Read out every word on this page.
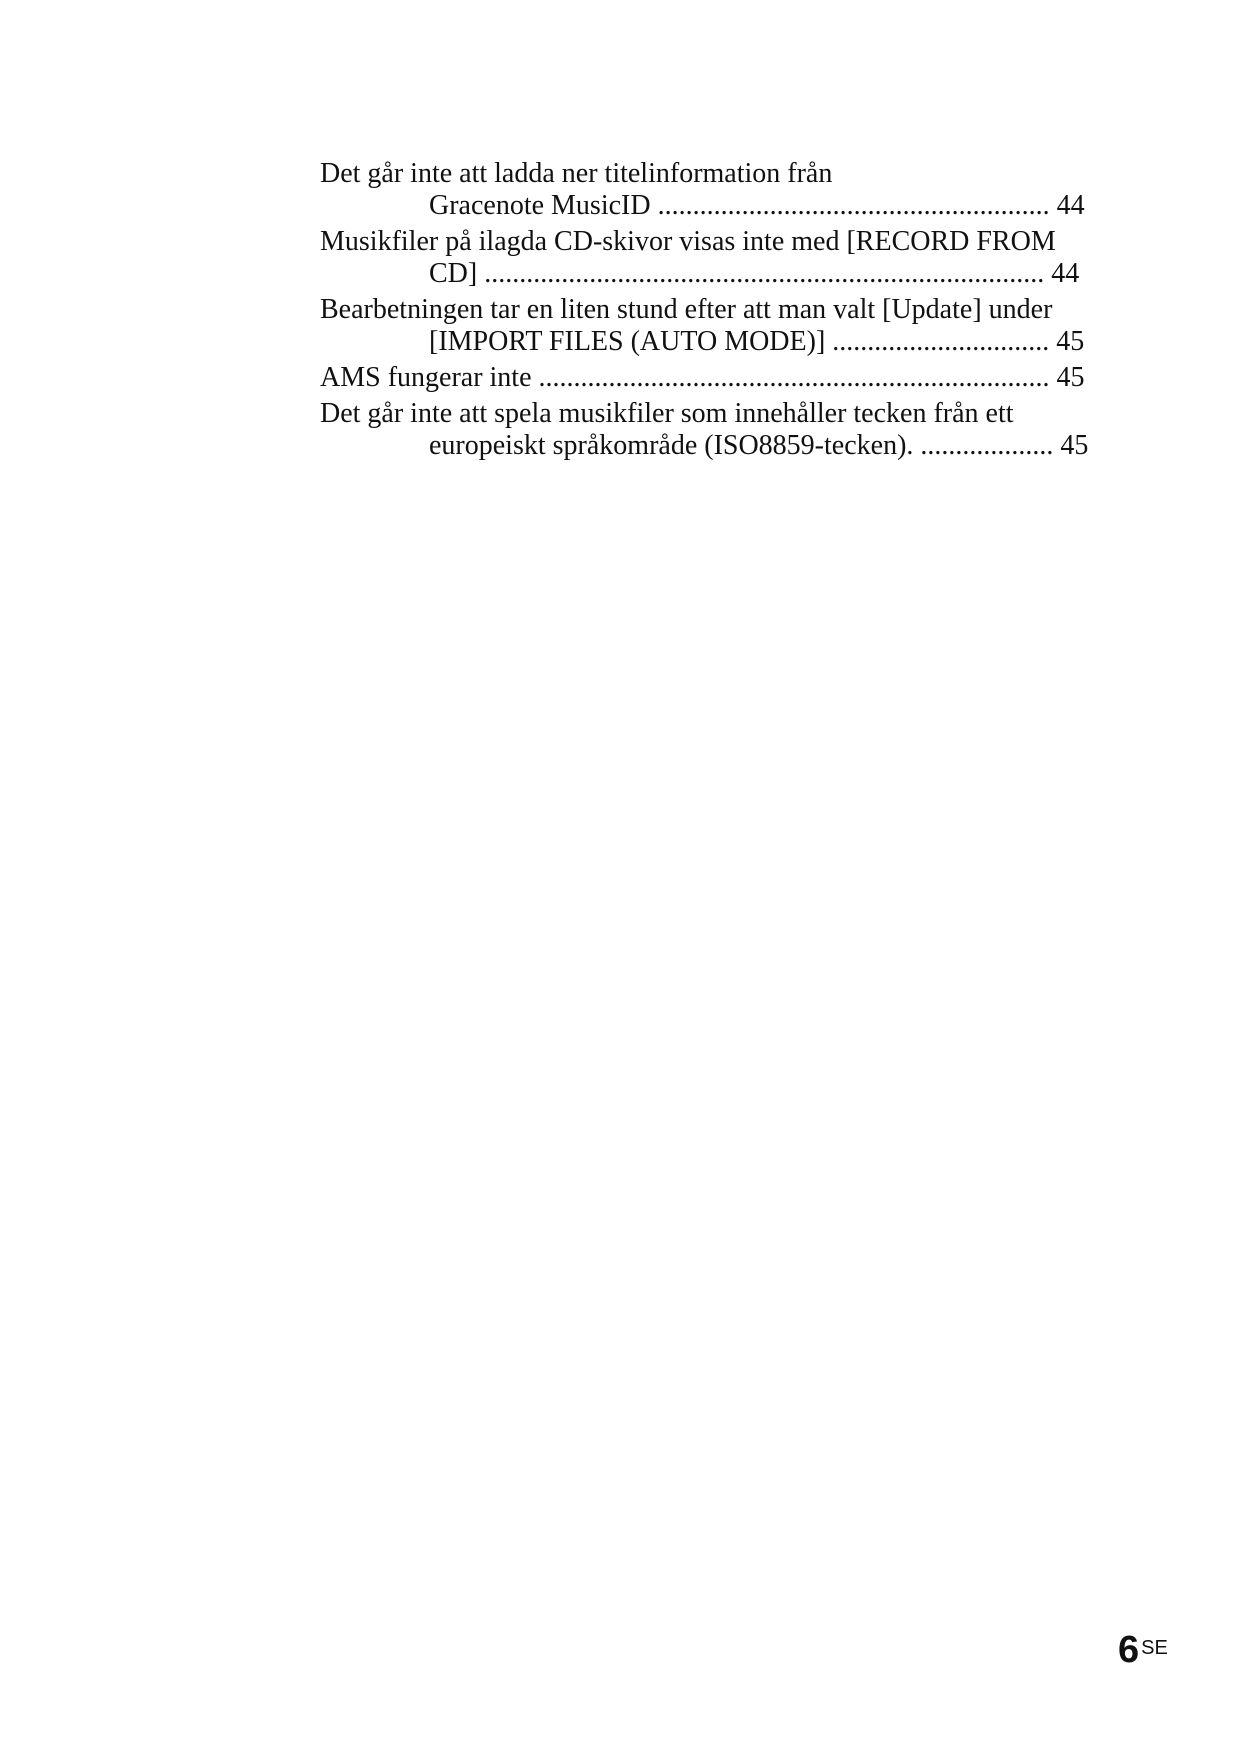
Det går inte att ladda ner titelinformation från
Gracenote MusicID ........................................................ 44
Musikfiler på ilagda CD-skivor visas inte med [RECORD FROM
CD] ................................................................................ 44
Bearbetningen tar en liten stund efter att man valt [Update] under
[IMPORT FILES (AUTO MODE)] ............................... 45
AMS fungerar inte ......................................................................... 45
Det går inte att spela musikfiler som innehåller tecken från ett
europeiskt språkområde (ISO8859-tecken). ................... 45
6 SE
